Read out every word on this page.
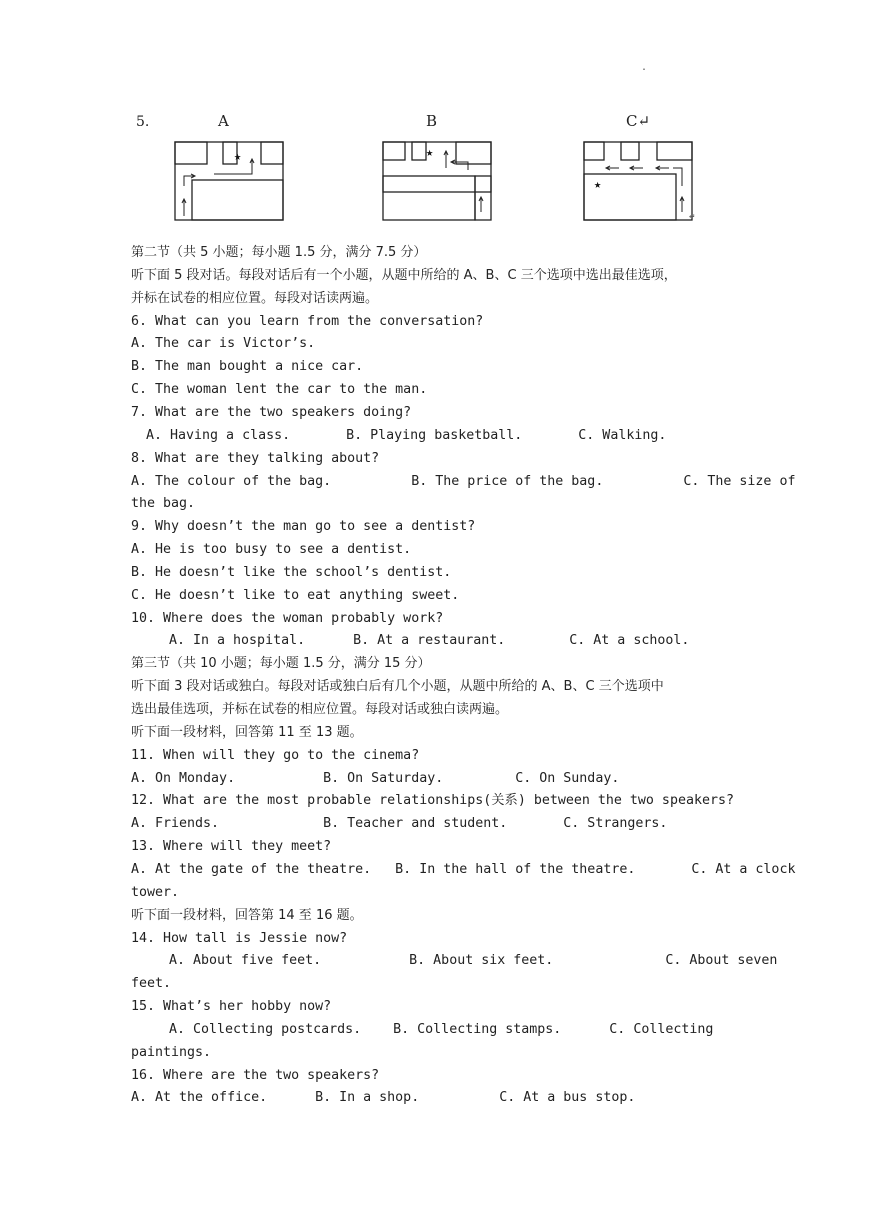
.
5.	A	B	C↵
★	★
★
↵
第二节（共 5 小题；每小题 1.5 分，满分 7.5 分）
听下面 5 段对话。每段对话后有一个小题，从题中所给的 A、B、C 三个选项中选出最佳选项，
并标在试卷的相应位置。每段对话读两遍。
6. What can you learn from the conversation?
A. The car is Victor’s.
B. The man bought a nice car.
C. The woman lent the car to the man.
7. What are the two speakers doing?
A. Having a class.       B. Playing basketball.       C. Walking.
8. What are they talking about?
A. The colour of the bag.          B. The price of the bag.          C. The size of
the bag.
9. Why doesn’t the man go to see a dentist?
A. He is too busy to see a dentist.
B. He doesn’t like the school’s dentist.
C. He doesn’t like to eat anything sweet.
10. Where does the woman probably work?
A. In a hospital.      B. At a restaurant.        C. At a school.
第三节（共 10 小题；每小题 1.5 分，满分 15 分）
听下面 3 段对话或独白。每段对话或独白后有几个小题，从题中所给的 A、B、C 三个选项中
选出最佳选项，并标在试卷的相应位置。每段对话或独白读两遍。
听下面一段材料，回答第 11 至 13 题。
11. When will they go to the cinema?
A. On Monday.           B. On Saturday.         C. On Sunday.
12. What are the most probable relationships(关系) between the two speakers?
A. Friends.             B. Teacher and student.       C. Strangers.
13. Where will they meet?
A. At the gate of the theatre.   B. In the hall of the theatre.       C. At a clock
tower.
听下面一段材料，回答第 14 至 16 题。
14. How tall is Jessie now?
A. About five feet.           B. About six feet.              C. About seven
feet.
15. What’s her hobby now?
A. Collecting postcards.    B. Collecting stamps.      C. Collecting
paintings.
16. Where are the two speakers?
A. At the office.      B. In a shop.          C. At a bus stop.
